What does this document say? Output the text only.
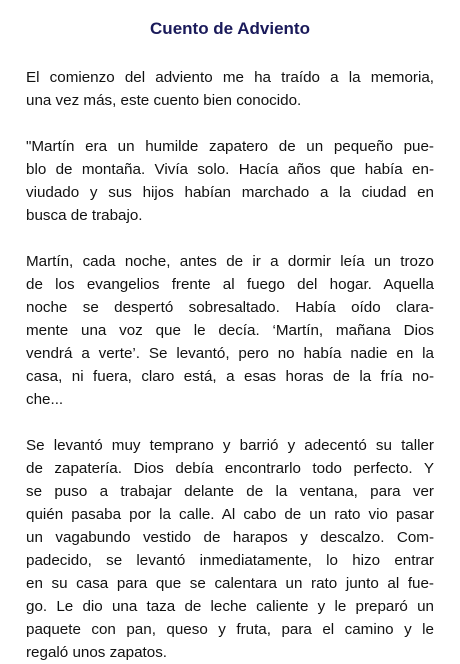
Cuento de Adviento

El comienzo del adviento me ha traído a la memoria,
una vez más, este cuento bien conocido.

"Martín era un humilde zapatero de un pequeño pue-
blo de montaña. Vivía solo. Hacía años que había en-
viudado y sus hijos habían marchado a la ciudad en
busca de trabajo.

Martín, cada noche, antes de ir a dormir leía un trozo
de los evangelios frente al fuego del hogar. Aquella
noche se despertó sobresaltado. Había oído clara-
mente una voz que le decía. ‘Martín, mañana Dios
vendrá a verte’. Se levantó, pero no había nadie en la
casa, ni fuera, claro está, a esas horas de la fría no-
che...

Se levantó muy temprano y barrió y adecentó su taller
de zapatería. Dios debía encontrarlo todo perfecto. Y
se puso a trabajar delante de la ventana, para ver
quién pasaba por la calle. Al cabo de un rato vio pasar
un vagabundo vestido de harapos y descalzo. Com-
padecido, se levantó inmediatamente, lo hizo entrar
en su casa para que se calentara un rato junto al fue-
go. Le dio una taza de leche caliente y le preparó un
paquete con pan, queso y fruta, para el camino y le
regaló unos zapatos.
